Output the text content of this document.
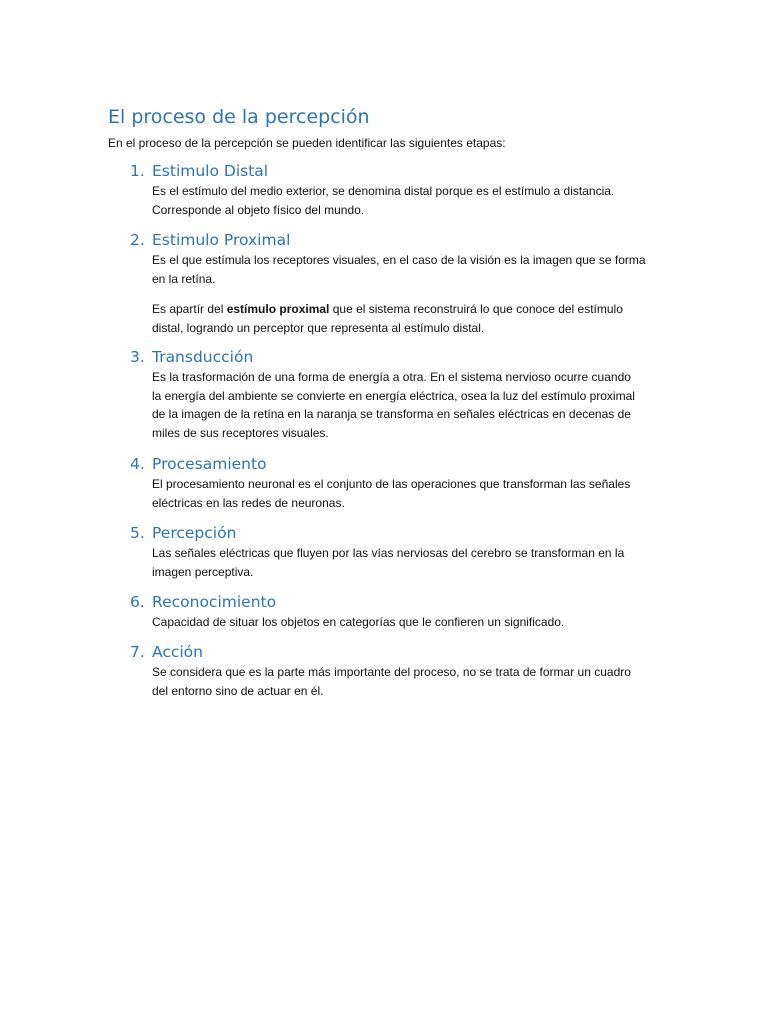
El proceso de la percepción

En el proceso de la percepción se pueden identificar las siguientes etapas:

1. Estimulo Distal

Es el estímulo del medio exterior, se denomina distal porque es el estímulo a distancia.
Corresponde al objeto físico del mundo.

2. Estimulo Proximal

Es el que estímula los receptores visuales, en el caso de la visión es la imagen que se forma
en la retína.

Es apartír del estímulo proximal que el sistema reconstruirá lo que conoce del estímulo
distal, logrando un perceptor que representa al estímulo distal.

3. Transducción

Es la trasformación de una forma de energía a otra. En el sistema nervioso ocurre cuando
la energía del ambiente se convierte en energía eléctrica, osea la luz del estímulo proximal
de la imagen de la retína en la naranja se transforma en señales eléctricas en decenas de
miles de sus receptores visuales.

4. Procesamiento

El procesamiento neuronal es el conjunto de las operaciones que transforman las señales
eléctricas en las redes de neuronas.

5. Percepción

Las señales eléctricas que fluyen por las vías nerviosas del cerebro se transforman en la
imagen perceptiva.

6. Reconocimiento

Capacidad de situar los objetos en categorías que le confieren un significado.

7. Acción

Se considera que es la parte más importante del proceso, no se trata de formar un cuadro
del entorno sino de actuar en él.
